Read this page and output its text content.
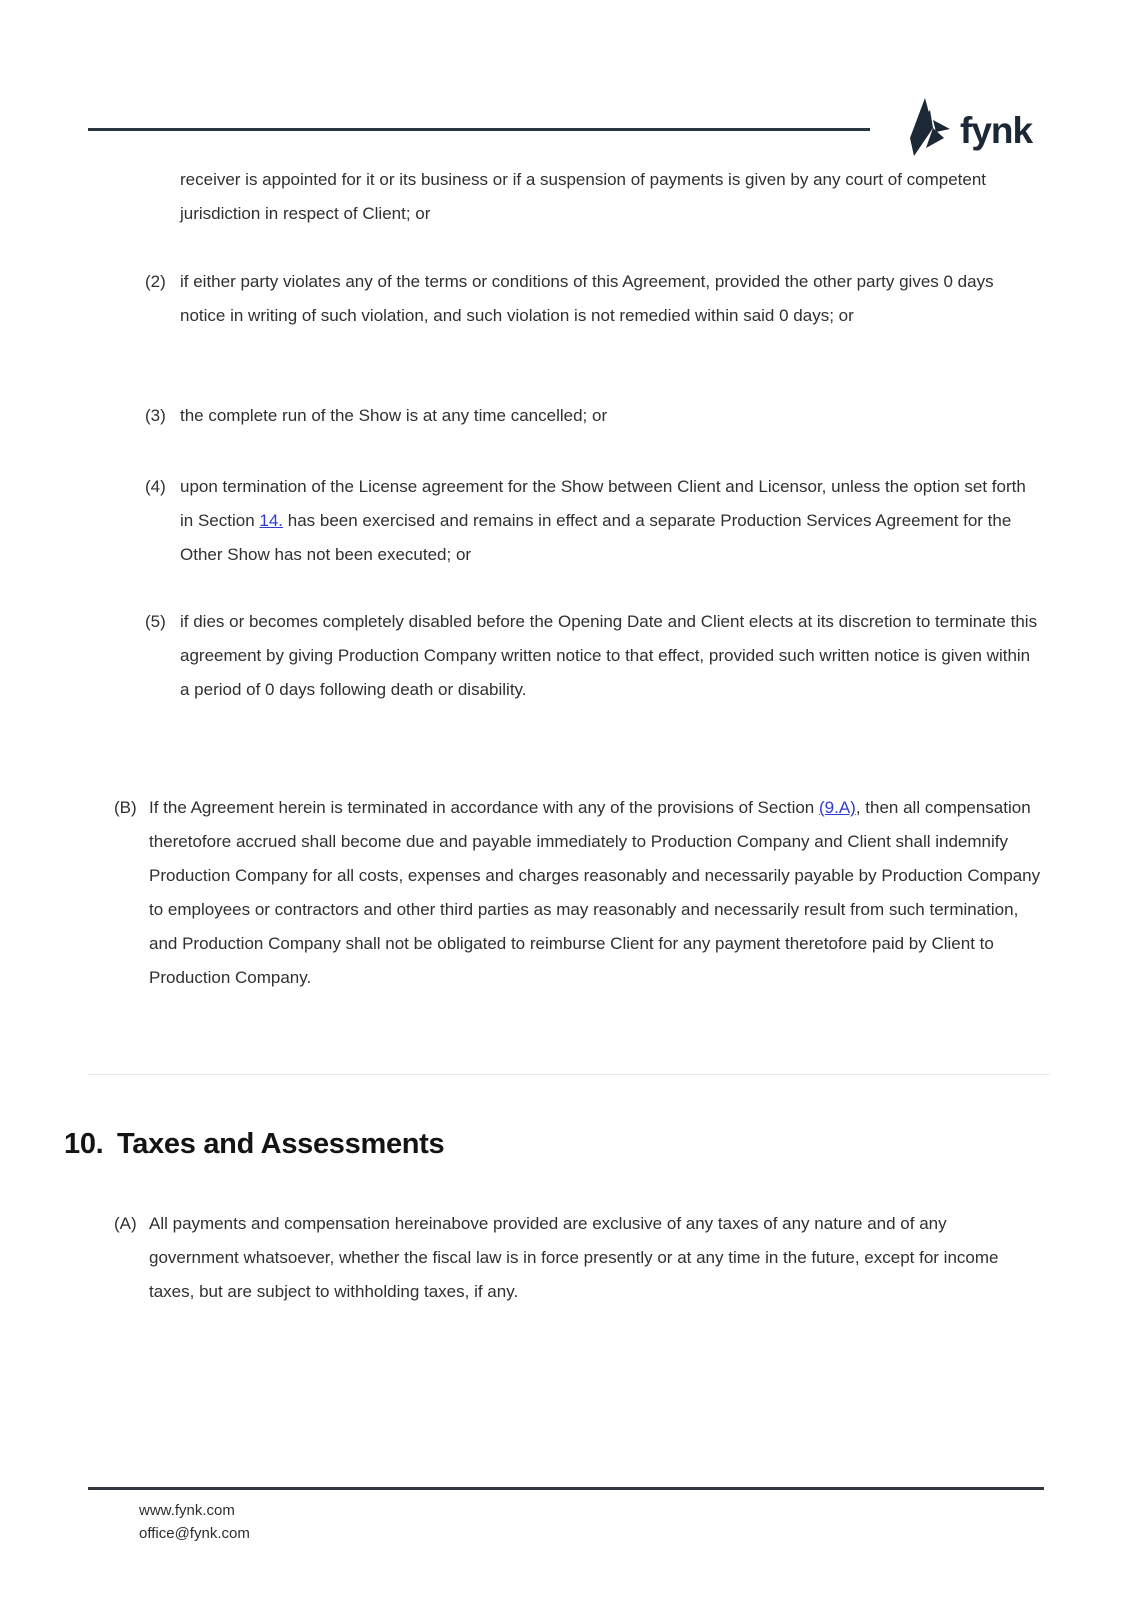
fynk
receiver is appointed for it or its business or if a suspension of payments is given by any court of competent jurisdiction in respect of Client; or
(2) if either party violates any of the terms or conditions of this Agreement, provided the other party gives 0 days notice in writing of such violation, and such violation is not remedied within said 0 days; or
(3) the complete run of the Show is at any time cancelled; or
(4) upon termination of the License agreement for the Show between Client and Licensor, unless the option set forth in Section 14. has been exercised and remains in effect and a separate Production Services Agreement for the Other Show has not been executed; or
(5) if dies or becomes completely disabled before the Opening Date and Client elects at its discretion to terminate this agreement by giving Production Company written notice to that effect, provided such written notice is given within a period of 0 days following death or disability.
(B) If the Agreement herein is terminated in accordance with any of the provisions of Section (9.A), then all compensation theretofore accrued shall become due and payable immediately to Production Company and Client shall indemnify Production Company for all costs, expenses and charges reasonably and necessarily payable by Production Company to employees or contractors and other third parties as may reasonably and necessarily result from such termination, and Production Company shall not be obligated to reimburse Client for any payment theretofore paid by Client to Production Company.
10. Taxes and Assessments
(A) All payments and compensation hereinabove provided are exclusive of any taxes of any nature and of any government whatsoever, whether the fiscal law is in force presently or at any time in the future, except for income taxes, but are subject to withholding taxes, if any.
www.fynk.com
office@fynk.com
